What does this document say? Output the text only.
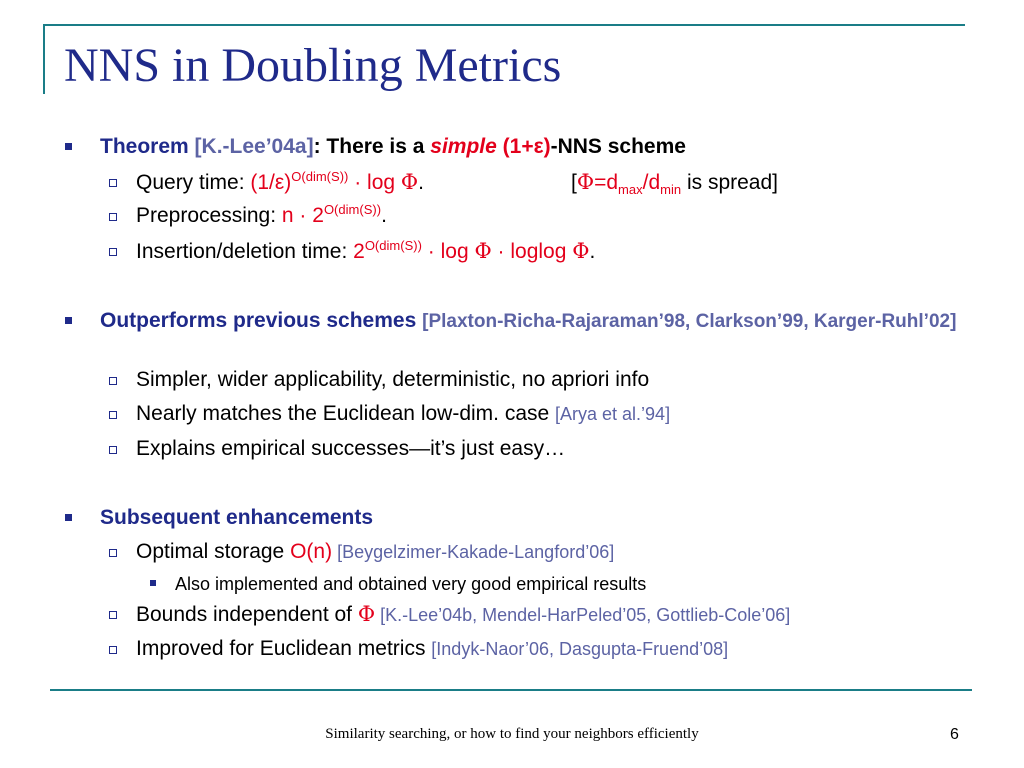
NNS in Doubling Metrics
Theorem [K.-Lee’04a]: There is a simple (1+ε)-NNS scheme
Query time: $(1/\varepsilon)^{O(dim(S))} \cdot \log \Phi$.	[$\Phi=d_{max}/d_{min}$ is spread]
Preprocessing: $n \cdot 2^{O(dim(S))}$.
Insertion/deletion time: $2^{O(dim(S))} \cdot \log \Phi \cdot loglog$ Φ.
Outperforms previous schemes [Plaxton-Richa-Rajaraman’98, Clarkson’99, Karger-Ruhl’02]
Simpler, wider applicability, deterministic, no apriori info
Nearly matches the Euclidean low-dim. case [Arya et al.’94]
Explains empirical successes—it’s just easy…
Subsequent enhancements
Optimal storage O(n) [Beygelzimer-Kakade-Langford’06]
Also implemented and obtained very good empirical results
Bounds independent of Φ [K.-Lee’04b, Mendel-HarPeled’05, Gottlieb-Cole’06]
Improved for Euclidean metrics [Indyk-Naor’06, Dasgupta-Fruend’08]
Similarity searching, or how to find your neighbors efficiently	6
